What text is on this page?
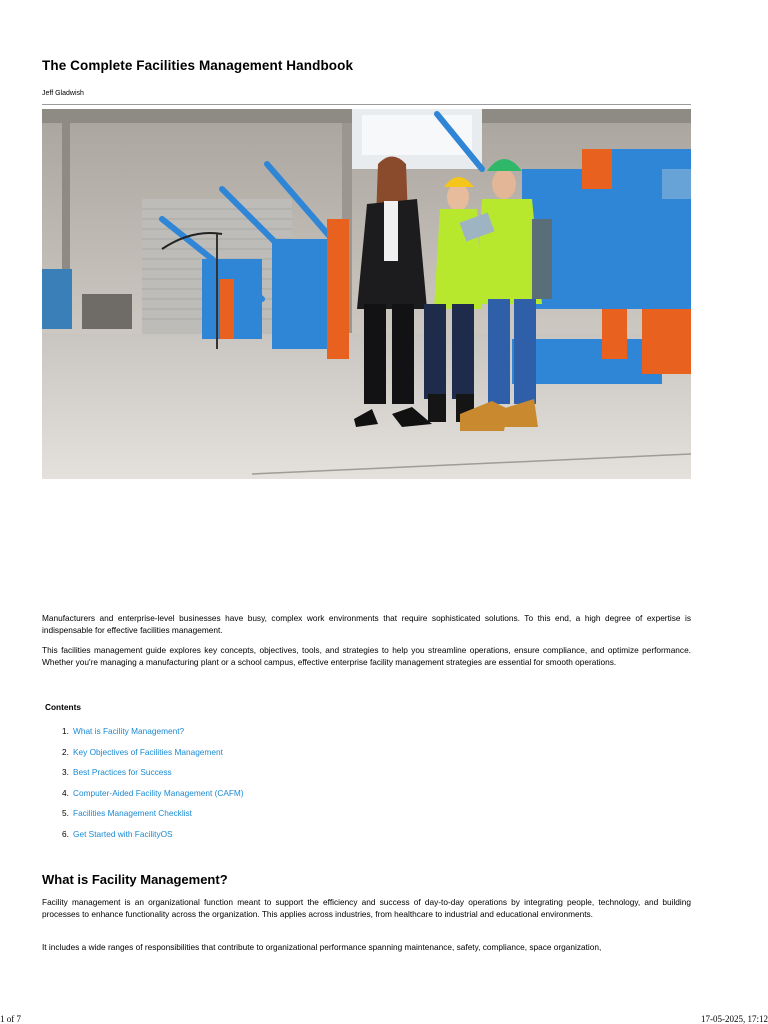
The Complete Facilities Management Handbook
Jeff Gladwish

Manufacturers and enterprise-level businesses have busy, complex work environments that require sophisticated solutions. To this end, a high degree of expertise is indispensable for effective facilities management.

This facilities management guide explores key concepts, objectives, tools, and strategies to help you streamline operations, ensure compliance, and optimize performance. Whether you're managing a manufacturing plant or a school campus, effective enterprise facility management strategies are essential for smooth operations.

Contents
1. What is Facility Management?
2. Key Objectives of Facilities Management
3. Best Practices for Success
4. Computer-Aided Facility Management (CAFM)
5. Facilities Management Checklist
6. Get Started with FacilityOS
What is Facility Management?

Facility management is an organizational function meant to support the efficiency and success of day-to-day operations by integrating people, technology, and building processes to enhance functionality across the organization. This applies across industries, from healthcare to industrial and educational environments.

It includes a wide ranges of responsibilities that contribute to organizational performance spanning maintenance, safety, compliance, space organization,

1 of 7	17-05-2025, 17:12
